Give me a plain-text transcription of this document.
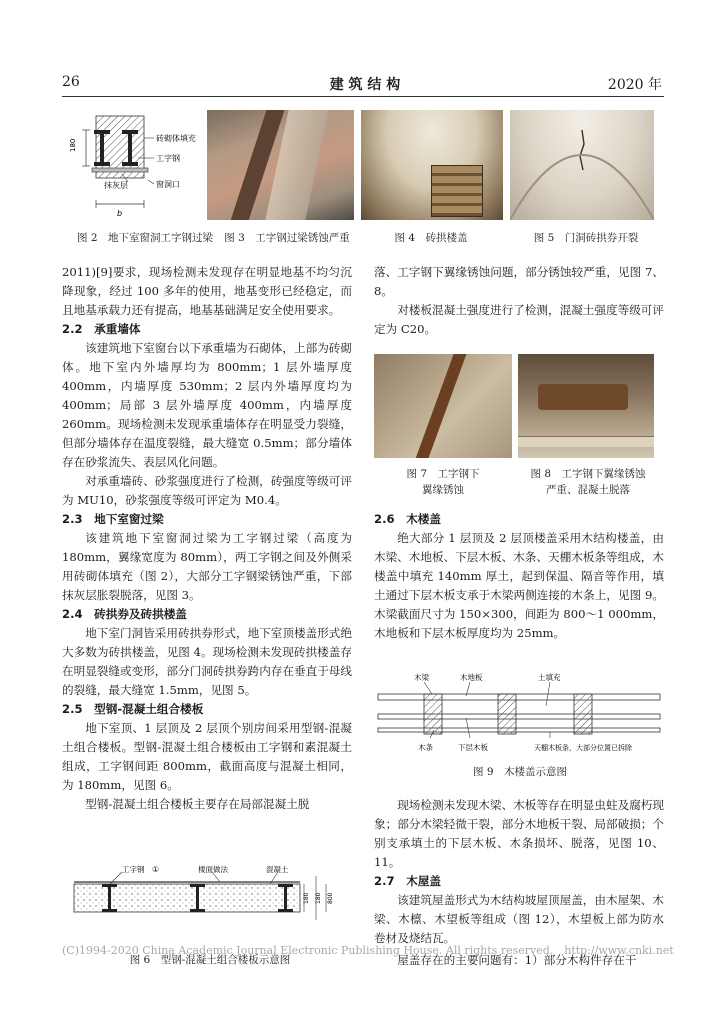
26	建 筑 结 构	2020 年
180
砖砌体填充
工字钢
抹灰层	窗洞口
b
图 2　地下室窗洞工字钢过梁	图 3　工字钢过梁锈蚀严重	图 4　砖拱楼盖	图 5　门洞砖拱券开裂

2011)[9]要求，现场检测未发现存在明显地基不均匀沉降现象，经过 100 多年的使用，地基变形已经稳定，而且地基承载力还有提高，地基基础满足安全使用要求。

2.2　承重墙体

该建筑地下室窗台以下承重墙为石砌体，上部为砖砌体。地下室内外墙厚均为 800mm；1 层外墙厚度 400mm，内墙厚度 530mm；2 层内外墙厚度均为 400mm；局部 3 层外墙厚度 400mm，内墙厚度 260mm。现场检测未发现承重墙体存在明显受力裂缝，但部分墙体存在温度裂缝，最大缝宽 0.5mm；部分墙体存在砂浆流失、表层风化问题。

对承重墙砖、砂浆强度进行了检测，砖强度等级可评为 MU10，砂浆强度等级可评定为 M0.4。

2.3　地下室窗过梁

该建筑地下室窗洞过梁为工字钢过梁（高度为 180mm，翼缘宽度为 80mm），两工字钢之间及外侧采用砖砌体填充（图 2），大部分工字钢梁锈蚀严重，下部抹灰层胀裂脱落，见图 3。

2.4　砖拱券及砖拱楼盖

地下室门洞皆采用砖拱券形式，地下室顶楼盖形式绝大多数为砖拱楼盖，见图 4。现场检测未发现砖拱楼盖存在明显裂缝或变形，部分门洞砖拱券跨内存在垂直于母线的裂缝，最大缝宽 1.5mm，见图 5。

2.5　型钢-混凝土组合楼板

地下室顶、1 层顶及 2 层顶个别房间采用型钢-混凝土组合楼板。型钢-混凝土组合楼板由工字钢和素混凝土组成，工字钢间距 800mm，截面高度与混凝土相同，为 180mm，见图 6。

型钢-混凝土组合楼板主要存在局部混凝土脱

工字钢 ①	楼面做法	混凝土
180 180 800
图 6　型钢-混凝土组合楼板示意图

落、工字钢下翼缘锈蚀问题，部分锈蚀较严重，见图 7、8。

对楼板混凝土强度进行了检测，混凝土强度等级可评定为 C20。

图 7　工字钢下
翼缘锈蚀
图 8　工字钢下翼缘锈蚀
严重、混凝土脱落
2.6　木楼盖

绝大部分 1 层顶及 2 层顶楼盖采用木结构楼盖，由木梁、木地板、下层木板、木条、天棚木板条等组成，木楼盖中填充 140mm 厚土，起到保温、隔音等作用，填土通过下层木板支承于木梁两侧连接的木条上，见图 9。木梁截面尺寸为 150×300，间距为 800～1 000mm，木地板和下层木板厚度均为 25mm。

木梁	木地板	土填充
木条	下层木板	天棚木板条，大部分位置已拆除
图 9　木楼盖示意图

现场检测未发现木梁、木板等存在明显虫蛀及腐朽现象；部分木梁轻微干裂，部分木地板干裂、局部破损；个别支承填土的下层木板、木条损坏、脱落，见图 10、11。

2.7　木屋盖

该建筑屋盖形式为木结构坡屋顶屋盖，由木屋架、木梁、木檩、木望板等组成（图 12），木望板上部为防水卷材及烧结瓦。

(C)1994-2020 China Academic Journal Electronic Publishing House. All rights reserved.　http://www.cnki.net

屋盖存在的主要问题有：1）部分木构件存在干
